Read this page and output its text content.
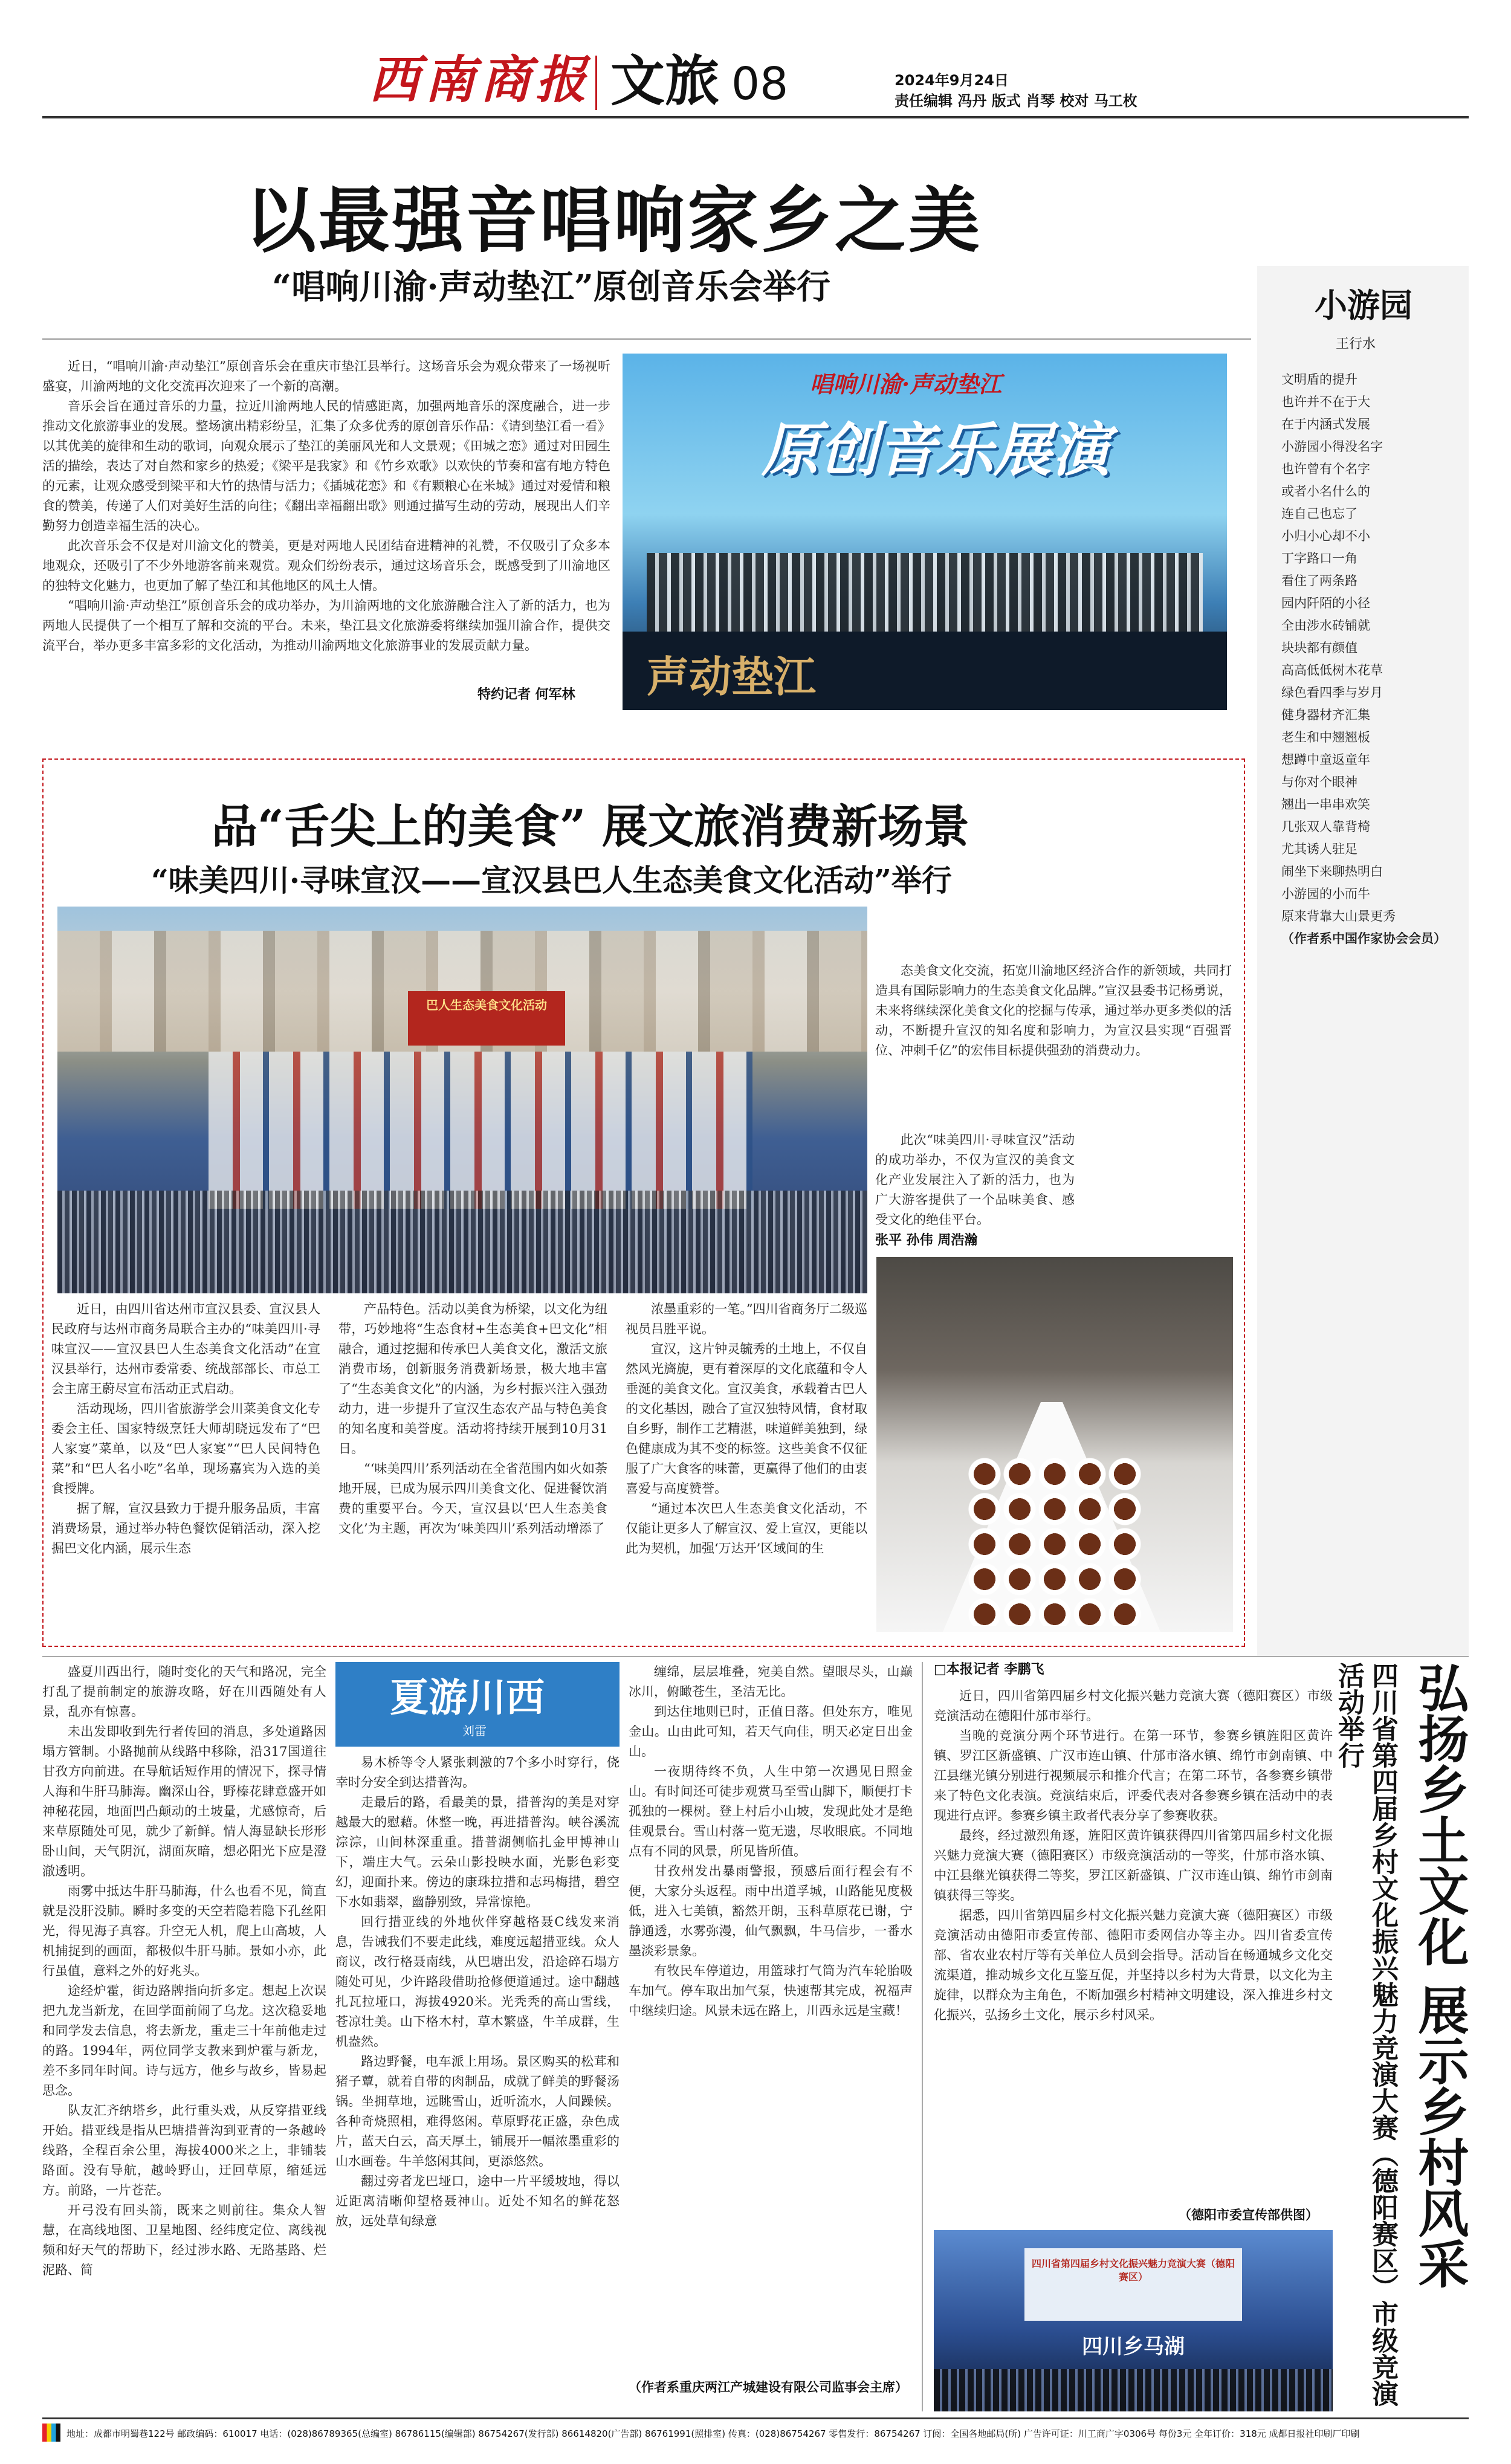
西南商报 文旅 08	2024年9月24日
责任编辑 冯丹 版式 肖琴 校对 马工枚
以最强音唱响家乡之美
“唱响川渝·声动垫江”原创音乐会举行

近日，“唱响川渝·声动垫江”原创音乐会在重庆市垫江县举行。这场音乐会为观众带来了一场视听盛宴，川渝两地的文化交流再次迎来了一个新的高潮。

音乐会旨在通过音乐的力量，拉近川渝两地人民的情感距离，加强两地音乐的深度融合，进一步推动文化旅游事业的发展。整场演出精彩纷呈，汇集了众多优秀的原创音乐作品：《请到垫江看一看》以其优美的旋律和生动的歌词，向观众展示了垫江的美丽风光和人文景观；《田城之恋》通过对田园生活的描绘，表达了对自然和家乡的热爱；《梁平是我家》和《竹乡欢歌》以欢快的节奏和富有地方特色的元素，让观众感受到梁平和大竹的热情与活力；《插城花恋》和《有颗粮心在米城》通过对爱情和粮食的赞美，传递了人们对美好生活的向往；《翻出幸福翻出歌》则通过描写生动的劳动，展现出人们辛勤努力创造幸福生活的决心。

此次音乐会不仅是对川渝文化的赞美，更是对两地人民团结奋进精神的礼赞，不仅吸引了众多本地观众，还吸引了不少外地游客前来观赏。观众们纷纷表示，通过这场音乐会，既感受到了川渝地区的独特文化魅力，也更加了解了垫江和其他地区的风土人情。

“唱响川渝·声动垫江”原创音乐会的成功举办，为川渝两地的文化旅游融合注入了新的活力，也为两地人民提供了一个相互了解和交流的平台。未来，垫江县文化旅游委将继续加强川渝合作，提供交流平台，举办更多丰富多彩的文化活动，为推动川渝两地文化旅游事业的发展贡献力量。

特约记者 何军林
唱响川渝·声动垫江
原创音乐展演
声动垫江
品“舌尖上的美食” 展文旅消费新场景
“味美四川·寻味宣汉——宣汉县巴人生态美食文化活动”举行
巴人生态美食文化活动

态美食文化交流，拓宽川渝地区经济合作的新领域，共同打造具有国际影响力的生态美食文化品牌。”宣汉县委书记杨勇说，未来将继续深化美食文化的挖掘与传承，通过举办更多类似的活动，不断提升宣汉的知名度和影响力，为宣汉县实现“百强晋位、冲刺千亿”的宏伟目标提供强劲的消费动力。

此次“味美四川·寻味宣汉”活动的成功举办，不仅为宣汉的美食文化产业发展注入了新的活力，也为广大游客提供了一个品味美食、感受文化的绝佳平台。

张平 孙伟 周浩瀚

近日，由四川省达州市宣汉县委、宣汉县人民政府与达州市商务局联合主办的“味美四川·寻味宣汉——宣汉县巴人生态美食文化活动”在宣汉县举行，达州市委常委、统战部部长、市总工会主席王蔚尽宣布活动正式启动。

活动现场，四川省旅游学会川菜美食文化专委会主任、国家特级烹饪大师胡晓远发布了“巴人家宴”菜单，以及“巴人家宴”“巴人民间特色菜”和“巴人名小吃”名单，现场嘉宾为入选的美食授牌。

据了解，宣汉县致力于提升服务品质，丰富消费场景，通过举办特色餐饮促销活动，深入挖掘巴文化内涵，展示生态

产品特色。活动以美食为桥梁，以文化为纽带，巧妙地将“生态食材+生态美食+巴文化”相融合，通过挖掘和传承巴人美食文化，激活文旅消费市场，创新服务消费新场景，极大地丰富了“生态美食文化”的内涵，为乡村振兴注入强劲动力，进一步提升了宣汉生态农产品与特色美食的知名度和美誉度。活动将持续开展到10月31日。

“‘味美四川’系列活动在全省范围内如火如荼地开展，已成为展示四川美食文化、促进餐饮消费的重要平台。今天，宣汉县以‘巴人生态美食文化’为主题，再次为‘味美四川’系列活动增添了

浓墨重彩的一笔。”四川省商务厅二级巡视员吕胜平说。

宣汉，这片钟灵毓秀的土地上，不仅自然风光旖旎，更有着深厚的文化底蕴和令人垂涎的美食文化。宣汉美食，承载着古巴人的文化基因，融合了宣汉独特风情，食材取自乡野，制作工艺精湛，味道鲜美独到，绿色健康成为其不变的标签。这些美食不仅征服了广大食客的味蕾，更赢得了他们的由衷喜爱与高度赞誉。

“通过本次巴人生态美食文化活动，不仅能让更多人了解宣汉、爱上宣汉，更能以此为契机，加强‘万达开’区域间的生

小游园
王行水
文明盾的提升
也许并不在于大
在于内涵式发展
小游园小得没名字
也许曾有个名字
或者小名什么的
连自己也忘了
小归小心却不小
丁字路口一角
看住了两条路
园内阡陌的小径
全由涉水砖铺就
块块都有颜值
高高低低树木花草
绿色看四季与岁月
健身器材齐汇集
老生和中翘翘板
想蹲中童返童年
与你对个眼神
翘出一串串欢笑
几张双人靠背椅
尤其诱人驻足
闹坐下来聊热明白
小游园的小而牛
原来背靠大山景更秀
（作者系中国作家协会会员）
夏游川西
刘雷

盛夏川西出行，随时变化的天气和路况，完全打乱了提前制定的旅游攻略，好在川西随处有人景，乱亦有惊喜。

未出发即收到先行者传回的消息，多处道路因塌方管制。小路抛前从线路中移除，沿317国道往甘孜方向前进。在导航话短作用的情况下，探寻情人海和牛肝马肺海。幽深山谷，野榛花肆意盛开如神秘花园，地面凹凸颠动的土坡量，尤感惊奇，后来草原随处可见，就少了新鲜。情人海显缺长形形卧山间，天气阴沉，湖面灰暗，想必阳光下应是澄澈透明。

雨雾中抵达牛肝马肺海，什么也看不见，简直就是没肝没肺。瞬时多变的天空若隐若隐下孔丝阳光，得见海子真容。升空无人机，爬上山高坡，人机捕捉到的画面，都极似牛肝马肺。景如小亦，此行虽值，意料之外的好兆头。

途经炉霍，街边路牌指向折多定。想起上次误把九龙当新龙，在回学面前闹了乌龙。这次稳妥地和同学发去信息，将去新龙，重走三十年前他走过的路。1994年，两位同学支教来到炉霍与新龙，差不多同年时间。诗与远方，他乡与故乡，皆易起思念。

队友汇齐纳塔乡，此行重头戏，从反穿措亚线开始。措亚线是指从巴塘措普沟到亚青的一条越岭线路，全程百余公里，海拔4000米之上，非铺装路面。没有导航，越岭野山，迂回草原，缩延远方。前路，一片苍茫。

开弓没有回头箭，既来之则前往。集众人智慧，在高线地图、卫星地图、经纬度定位、离线视频和好天气的帮助下，经过涉水路、无路基路、烂泥路、简

易木桥等令人紧张刺激的7个多小时穿行，侥幸时分安全到达措普沟。

走最后的路，看最美的景，措普沟的美是对穿越最大的慰藉。休整一晚，再进措普沟。峡谷溪流淙淙，山间林深重重。措普湖侧临扎金甲博神山下，端庄大气。云朵山影投映水面，光影色彩变幻，迎面扑来。傍边的康珠拉措和志玛梅措，碧空下水如翡翠，幽静别致，异常惊艳。

回行措亚线的外地伙伴穿越格聂C线发来消息，告诫我们不要走此线，难度远超措亚线。众人商议，改行格聂南线，从巴塘出发，沿途碎石塌方随处可见，少许路段借助抢修便道通过。途中翻越扎瓦拉垭口，海拔4920米。光秃秃的高山雪线，苍凉壮美。山下格木村，草木繁盛，牛羊成群，生机盎然。

路边野餐，电车派上用场。景区购买的松茸和猪子蕈，就着自带的肉制品，成就了鲜美的野餐汤锅。坐拥草地，远眺雪山，近听流水，人间躁候。各种奇烧照相，难得悠闲。草原野花正盛，杂色成片，蓝天白云，高天厚土，铺展开一幅浓墨重彩的山水画卷。牛羊悠闲其间，更添悠然。

翻过旁者龙巴垭口，途中一片平缓坡地，得以近距离清晰仰望格聂神山。近处不知名的鲜花怒放，远处草旬绿意

缠绵，层层堆叠，宛美自然。望眼尽头，山巅冰川，俯瞰苍生，圣洁无比。

到达住地则已时，正值日落。但处东方，唯见金山。山由此可知，若天气向佳，明天必定日出金山。

一夜期待终不负，人生中第一次遇见日照金山。有时间还可徒步观赏马至雪山脚下，顺便打卡孤独的一棵树。登上村后小山坡，发现此处才是绝佳观景台。雪山村落一览无遗，尽收眼底。不同地点有不同的风景，所见皆所值。

甘孜州发出暴雨警报，预感后面行程会有不便，大家分头返程。雨中出道孚城，山路能见度极低，进入七美镇，豁然开朗，玉科草原花已谢，宁静通透，水雾弥漫，仙气飘飘，牛马信步，一番水墨淡彩景象。

有牧民车停道边，用篮球打气筒为汽车轮胎吸车加气。停车取出加气泵，快速帮其完成，祝福声中继续归途。风景未远在路上，川西永远是宝藏！

（作者系重庆两江产城建设有限公司监事会主席）
□本报记者 李鹏飞

近日，四川省第四届乡村文化振兴魅力竞演大赛（德阳赛区）市级竞演活动在德阳什邡市举行。

当晚的竞演分两个环节进行。在第一环节，参赛乡镇旌阳区黄许镇、罗江区新盛镇、广汉市连山镇、什邡市洛水镇、绵竹市剑南镇、中江县继光镇分别进行视频展示和推介代言；在第二环节，各参赛乡镇带来了特色文化表演。竞演结束后，评委代表对各参赛乡镇在活动中的表现进行点评。参赛乡镇主政者代表分享了参赛收获。

最终，经过激烈角逐，旌阳区黄许镇获得四川省第四届乡村文化振兴魅力竞演大赛（德阳赛区）市级竞演活动的一等奖，什邡市洛水镇、中江县继光镇获得二等奖，罗江区新盛镇、广汉市连山镇、绵竹市剑南镇获得三等奖。

据悉，四川省第四届乡村文化振兴魅力竞演大赛（德阳赛区）市级竞演活动由德阳市委宣传部、德阳市委网信办等主办。四川省委宣传部、省农业农村厅等有关单位人员到会指导。活动旨在畅通城乡文化交流渠道，推动城乡文化互鉴互促，并坚持以乡村为大背景，以文化为主旋律，以群众为主角色，不断加强乡村精神文明建设，深入推进乡村文化振兴，弘扬乡土文化，展示乡村风采。

（德阳市委宣传部供图）
四川省第四届乡村文化振兴魅力竞演大赛（德阳赛区）
四川乡马湖
弘扬乡土文化 展示乡村风采
四川省第四届乡村文化振兴魅力竞演大赛（德阳赛区）市级竞演活动举行
地址：成都市明蜀巷122号 邮政编码：610017 电话：(028)86789365(总编室) 86786115(编辑部) 86754267(发行部) 86614820(广告部) 86761991(照排室) 传真：(028)86754267 零售发行：86754267 订阅：全国各地邮局(所) 广告许可证：川工商广字0306号 每份3元 全年订价：318元 成都日报社印刷厂印刷
